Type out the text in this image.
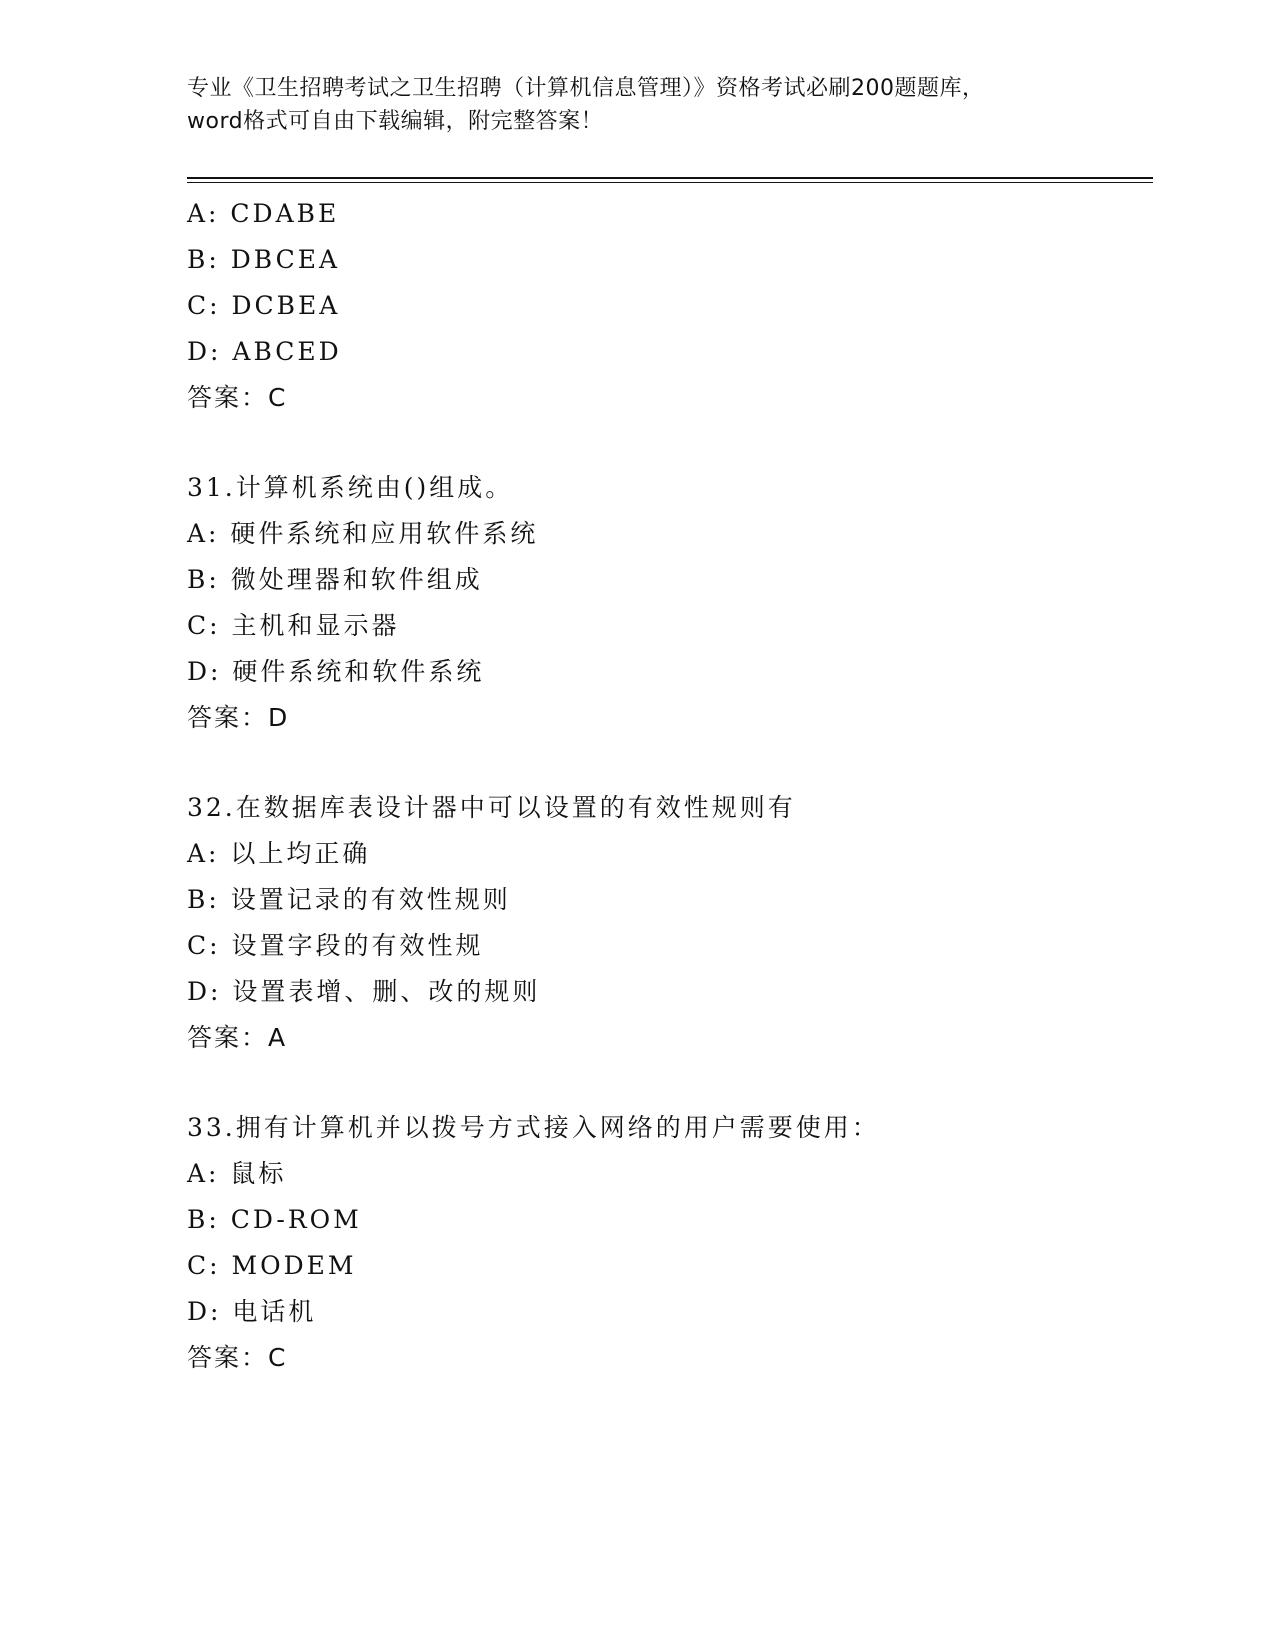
专业《卫生招聘考试之卫生招聘（计算机信息管理）》资格考试必刷200题题库，
word格式可自由下载编辑，附完整答案！
A: CDABE
B: DBCEA
C: DCBEA
D: ABCED
答案：C
31.计算机系统由()组成。
A: 硬件系统和应用软件系统
B: 微处理器和软件组成
C: 主机和显示器
D: 硬件系统和软件系统
答案：D
32.在数据库表设计器中可以设置的有效性规则有
A: 以上均正确
B: 设置记录的有效性规则
C: 设置字段的有效性规
D: 设置表增、删、改的规则
答案：A
33.拥有计算机并以拨号方式接入网络的用户需要使用：
A: 鼠标
B: CD-ROM
C: MODEM
D: 电话机
答案：C
